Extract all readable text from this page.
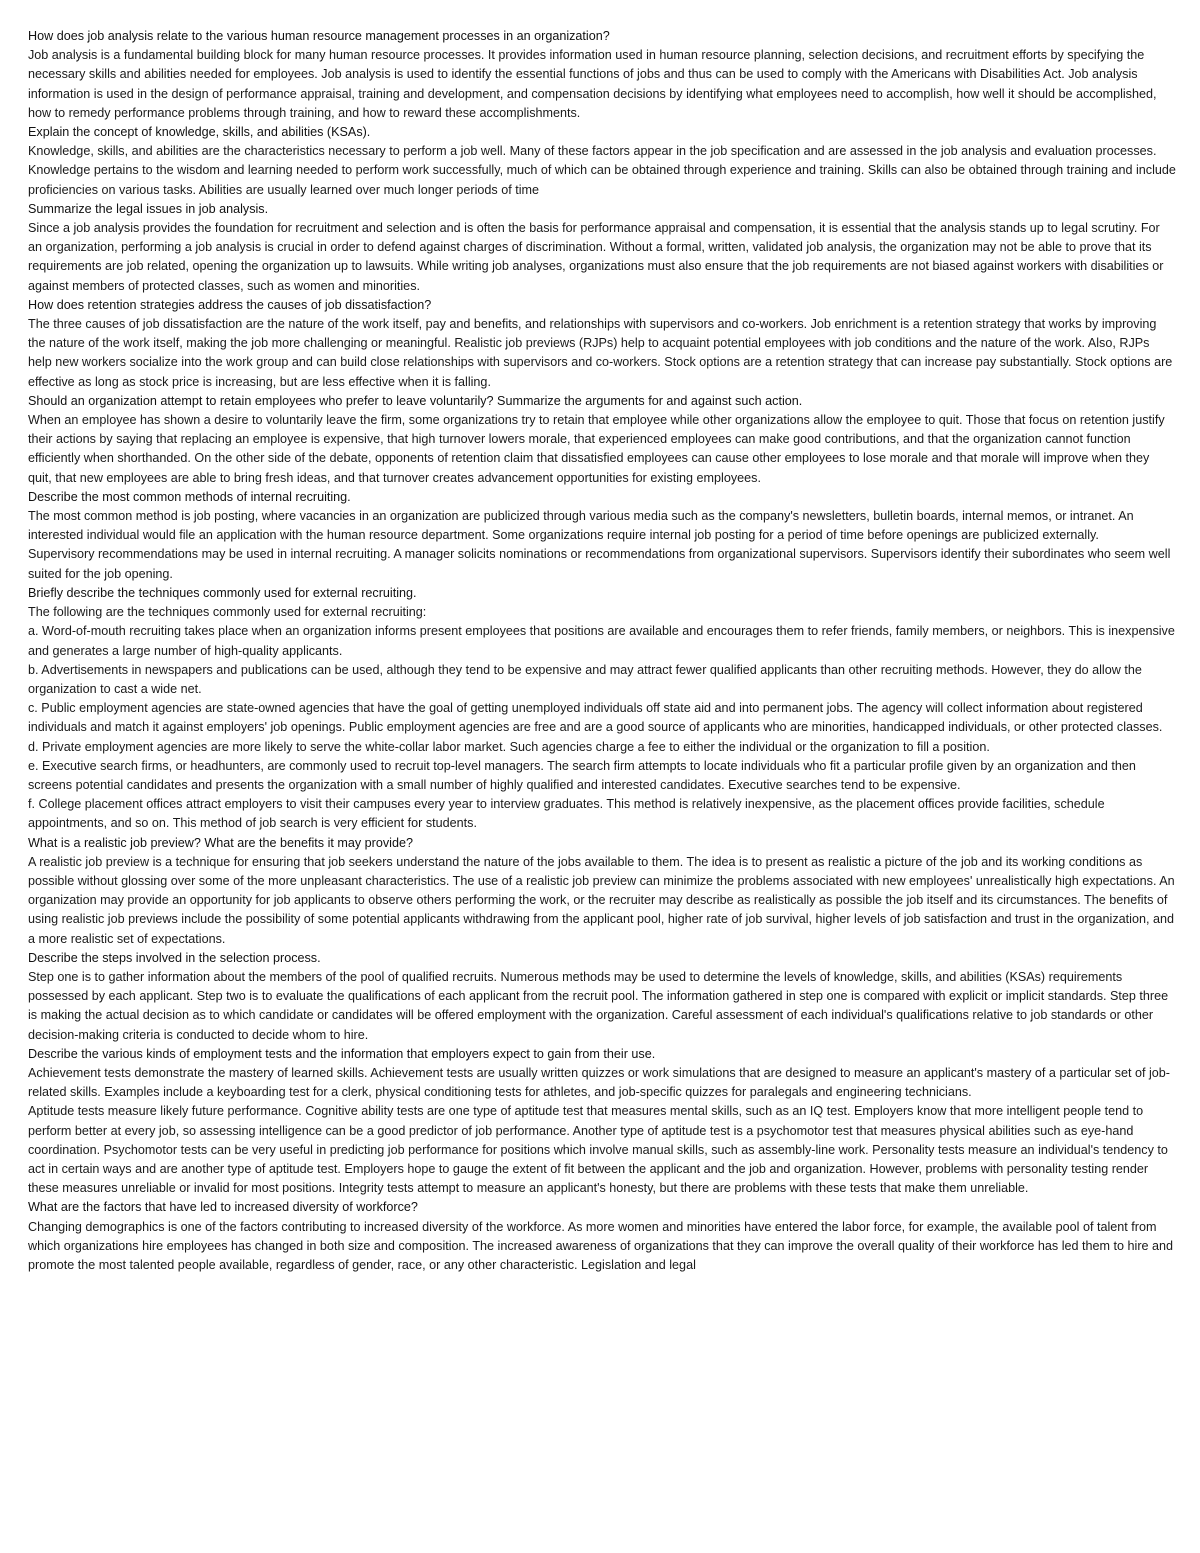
How does job analysis relate to the various human resource management processes in an organization?

Job analysis is a fundamental building block for many human resource processes. It provides information used in human resource planning, selection decisions, and recruitment efforts by specifying the necessary skills and abilities needed for employees. Job analysis is used to identify the essential functions of jobs and thus can be used to comply with the Americans with Disabilities Act. Job analysis information is used in the design of performance appraisal, training and development, and compensation decisions by identifying what employees need to accomplish, how well it should be accomplished, how to remedy performance problems through training, and how to reward these accomplishments.

Explain the concept of knowledge, skills, and abilities (KSAs).

Knowledge, skills, and abilities are the characteristics necessary to perform a job well. Many of these factors appear in the job specification and are assessed in the job analysis and evaluation processes. Knowledge pertains to the wisdom and learning needed to perform work successfully, much of which can be obtained through experience and training. Skills can also be obtained through training and include proficiencies on various tasks. Abilities are usually learned over much longer periods of time

Summarize the legal issues in job analysis.

Since a job analysis provides the foundation for recruitment and selection and is often the basis for performance appraisal and compensation, it is essential that the analysis stands up to legal scrutiny. For an organization, performing a job analysis is crucial in order to defend against charges of discrimination. Without a formal, written, validated job analysis, the organization may not be able to prove that its requirements are job related, opening the organization up to lawsuits. While writing job analyses, organizations must also ensure that the job requirements are not biased against workers with disabilities or against members of protected classes, such as women and minorities.

How does retention strategies address the causes of job dissatisfaction?

The three causes of job dissatisfaction are the nature of the work itself, pay and benefits, and relationships with supervisors and co-workers. Job enrichment is a retention strategy that works by improving the nature of the work itself, making the job more challenging or meaningful. Realistic job previews (RJPs) help to acquaint potential employees with job conditions and the nature of the work. Also, RJPs help new workers socialize into the work group and can build close relationships with supervisors and co-workers. Stock options are a retention strategy that can increase pay substantially. Stock options are effective as long as stock price is increasing, but are less effective when it is falling.

Should an organization attempt to retain employees who prefer to leave voluntarily? Summarize the arguments for and against such action.

When an employee has shown a desire to voluntarily leave the firm, some organizations try to retain that employee while other organizations allow the employee to quit. Those that focus on retention justify their actions by saying that replacing an employee is expensive, that high turnover lowers morale, that experienced employees can make good contributions, and that the organization cannot function efficiently when shorthanded. On the other side of the debate, opponents of retention claim that dissatisfied employees can cause other employees to lose morale and that morale will improve when they quit, that new employees are able to bring fresh ideas, and that turnover creates advancement opportunities for existing employees.

Describe the most common methods of internal recruiting.

The most common method is job posting, where vacancies in an organization are publicized through various media such as the company's newsletters, bulletin boards, internal memos, or intranet. An interested individual would file an application with the human resource department. Some organizations require internal job posting for a period of time before openings are publicized externally.

Supervisory recommendations may be used in internal recruiting. A manager solicits nominations or recommendations from organizational supervisors. Supervisors identify their subordinates who seem well suited for the job opening.

Briefly describe the techniques commonly used for external recruiting.

The following are the techniques commonly used for external recruiting:

a. Word-of-mouth recruiting takes place when an organization informs present employees that positions are available and encourages them to refer friends, family members, or neighbors. This is inexpensive and generates a large number of high-quality applicants.

b. Advertisements in newspapers and publications can be used, although they tend to be expensive and may attract fewer qualified applicants than other recruiting methods. However, they do allow the organization to cast a wide net.

c. Public employment agencies are state-owned agencies that have the goal of getting unemployed individuals off state aid and into permanent jobs. The agency will collect information about registered individuals and match it against employers' job openings. Public employment agencies are free and are a good source of applicants who are minorities, handicapped individuals, or other protected classes.

d. Private employment agencies are more likely to serve the white-collar labor market. Such agencies charge a fee to either the individual or the organization to fill a position.

e. Executive search firms, or headhunters, are commonly used to recruit top-level managers. The search firm attempts to locate individuals who fit a particular profile given by an organization and then screens potential candidates and presents the organization with a small number of highly qualified and interested candidates. Executive searches tend to be expensive.

f. College placement offices attract employers to visit their campuses every year to interview graduates. This method is relatively inexpensive, as the placement offices provide facilities, schedule appointments, and so on. This method of job search is very efficient for students.

What is a realistic job preview? What are the benefits it may provide?

A realistic job preview is a technique for ensuring that job seekers understand the nature of the jobs available to them. The idea is to present as realistic a picture of the job and its working conditions as possible without glossing over some of the more unpleasant characteristics. The use of a realistic job preview can minimize the problems associated with new employees' unrealistically high expectations. An organization may provide an opportunity for job applicants to observe others performing the work, or the recruiter may describe as realistically as possible the job itself and its circumstances. The benefits of using realistic job previews include the possibility of some potential applicants withdrawing from the applicant pool, higher rate of job survival, higher levels of job satisfaction and trust in the organization, and a more realistic set of expectations.

Describe the steps involved in the selection process.

Step one is to gather information about the members of the pool of qualified recruits. Numerous methods may be used to determine the levels of knowledge, skills, and abilities (KSAs) requirements possessed by each applicant. Step two is to evaluate the qualifications of each applicant from the recruit pool. The information gathered in step one is compared with explicit or implicit standards. Step three is making the actual decision as to which candidate or candidates will be offered employment with the organization. Careful assessment of each individual's qualifications relative to job standards or other decision-making criteria is conducted to decide whom to hire.

Describe the various kinds of employment tests and the information that employers expect to gain from their use.

Achievement tests demonstrate the mastery of learned skills. Achievement tests are usually written quizzes or work simulations that are designed to measure an applicant's mastery of a particular set of job-related skills. Examples include a keyboarding test for a clerk, physical conditioning tests for athletes, and job-specific quizzes for paralegals and engineering technicians.

Aptitude tests measure likely future performance. Cognitive ability tests are one type of aptitude test that measures mental skills, such as an IQ test. Employers know that more intelligent people tend to perform better at every job, so assessing intelligence can be a good predictor of job performance. Another type of aptitude test is a psychomotor test that measures physical abilities such as eye-hand coordination. Psychomotor tests can be very useful in predicting job performance for positions which involve manual skills, such as assembly-line work. Personality tests measure an individual's tendency to act in certain ways and are another type of aptitude test. Employers hope to gauge the extent of fit between the applicant and the job and organization. However, problems with personality testing render these measures unreliable or invalid for most positions. Integrity tests attempt to measure an applicant's honesty, but there are problems with these tests that make them unreliable.

What are the factors that have led to increased diversity of workforce?

Changing demographics is one of the factors contributing to increased diversity of the workforce. As more women and minorities have entered the labor force, for example, the available pool of talent from which organizations hire employees has changed in both size and composition. The increased awareness of organizations that they can improve the overall quality of their workforce has led them to hire and promote the most talented people available, regardless of gender, race, or any other characteristic. Legislation and legal
